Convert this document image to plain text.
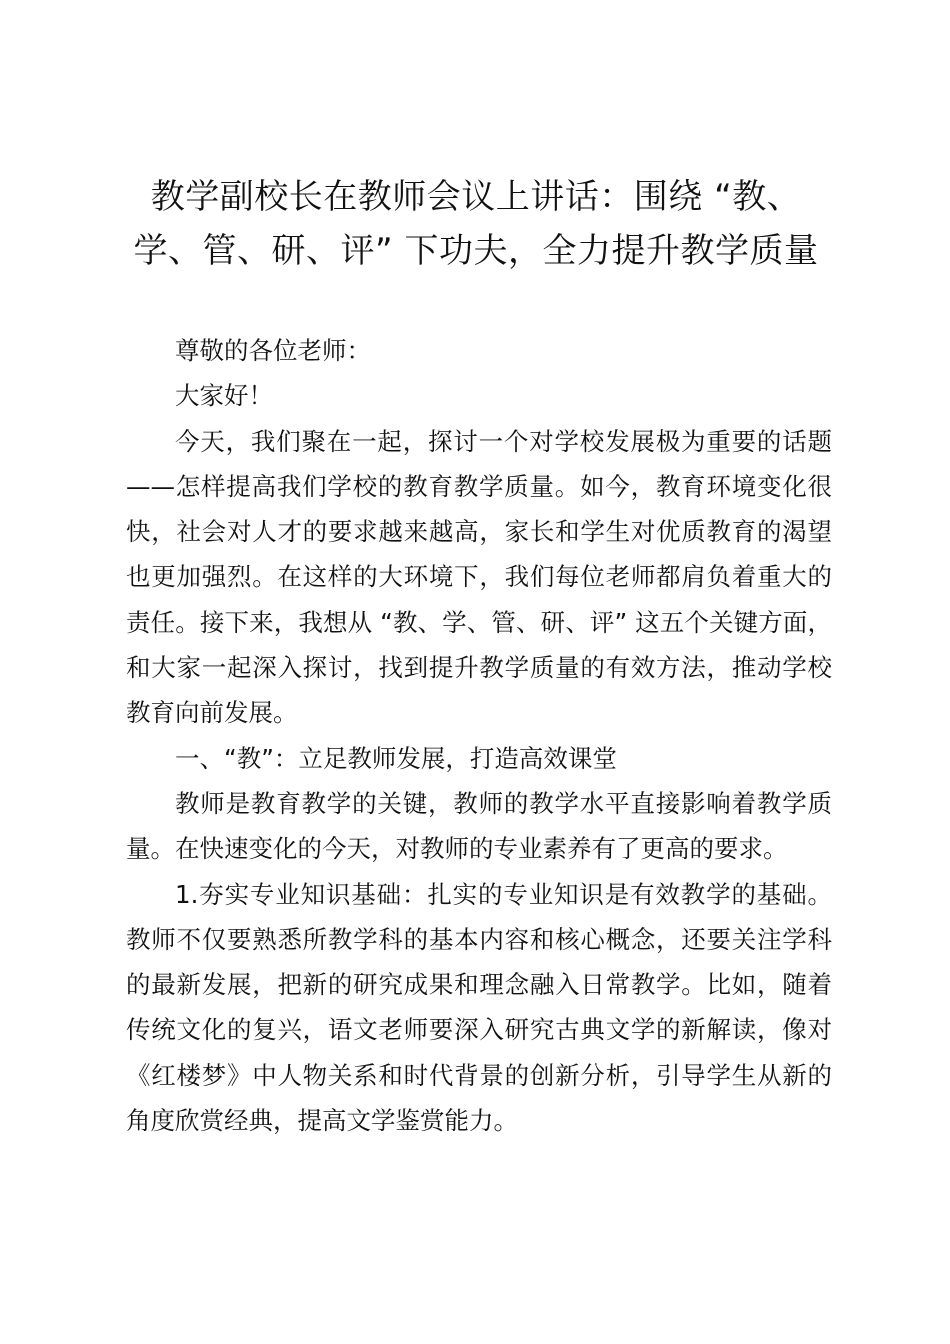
教学副校长在教师会议上讲话：围绕 “教、学、管、研、评” 下功夫，全力提升教学质量

尊敬的各位老师：

大家好！

今天，我们聚在一起，探讨一个对学校发展极为重要的话题——怎样提高我们学校的教育教学质量。如今，教育环境变化很快，社会对人才的要求越来越高，家长和学生对优质教育的渴望也更加强烈。在这样的大环境下，我们每位老师都肩负着重大的责任。接下来，我想从 “教、学、管、研、评” 这五个关键方面，和大家一起深入探讨，找到提升教学质量的有效方法，推动学校教育向前发展。

一、“教”：立足教师发展，打造高效课堂

教师是教育教学的关键，教师的教学水平直接影响着教学质量。在快速变化的今天，对教师的专业素养有了更高的要求。

1.夯实专业知识基础：扎实的专业知识是有效教学的基础。教师不仅要熟悉所教学科的基本内容和核心概念，还要关注学科的最新发展，把新的研究成果和理念融入日常教学。比如，随着传统文化的复兴，语文老师要深入研究古典文学的新解读，像对《红楼梦》中人物关系和时代背景的创新分析，引导学生从新的角度欣赏经典，提高文学鉴赏能力。
